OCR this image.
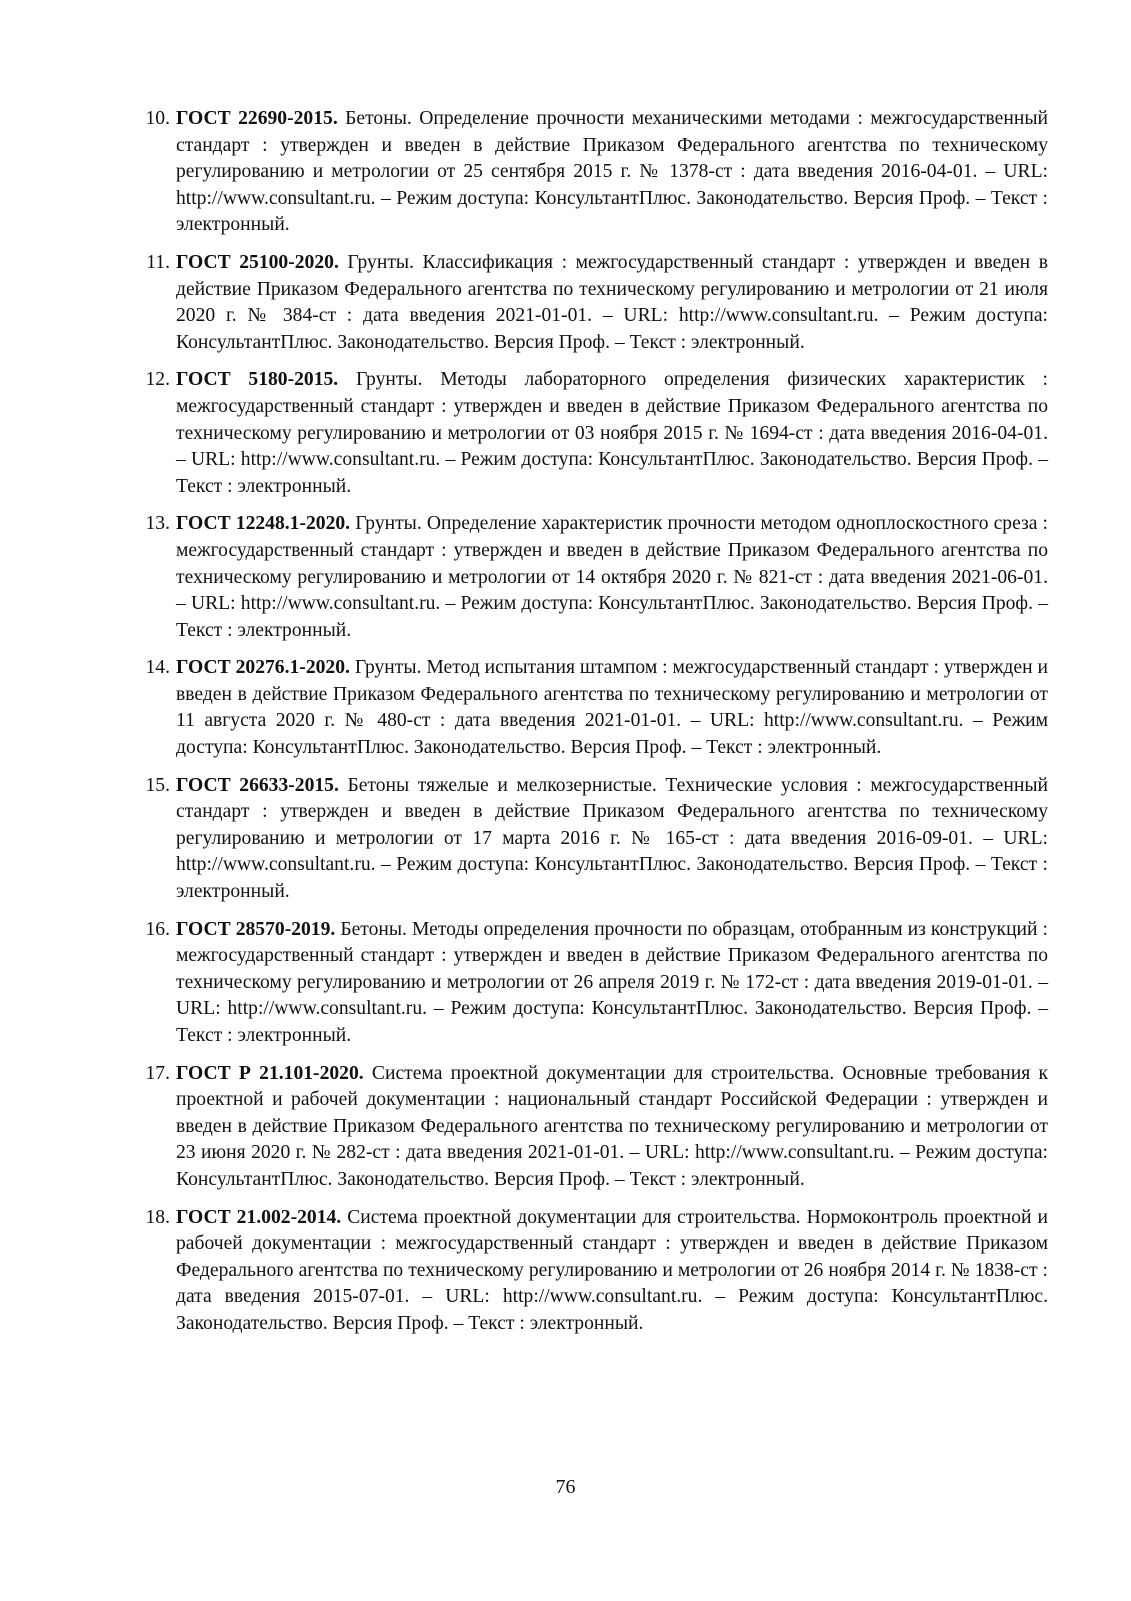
10. ГОСТ 22690-2015. Бетоны. Определение прочности механическими методами : межгосударственный стандарт : утвержден и введен в действие Приказом Федерального агентства по техническому регулированию и метрологии от 25 сентября 2015 г. № 1378-ст : дата введения 2016-04-01. – URL: http://www.consultant.ru. – Режим доступа: КонсультантПлюс. Законодательство. Версия Проф. – Текст : электронный.
11. ГОСТ 25100-2020. Грунты. Классификация : межгосударственный стандарт : утвержден и введен в действие Приказом Федерального агентства по техническому регулированию и метрологии от 21 июля 2020 г. № 384-ст : дата введения 2021-01-01. – URL: http://www.consultant.ru. – Режим доступа: КонсультантПлюс. Законодательство. Версия Проф. – Текст : электронный.
12. ГОСТ 5180-2015. Грунты. Методы лабораторного определения физических характеристик : межгосударственный стандарт : утвержден и введен в действие Приказом Федерального агентства по техническому регулированию и метрологии от 03 ноября 2015 г. № 1694-ст : дата введения 2016-04-01. – URL: http://www.consultant.ru. – Режим доступа: КонсультантПлюс. Законодательство. Версия Проф. – Текст : электронный.
13. ГОСТ 12248.1-2020. Грунты. Определение характеристик прочности методом одноплоскостного среза : межгосударственный стандарт : утвержден и введен в действие Приказом Федерального агентства по техническому регулированию и метрологии от 14 октября 2020 г. № 821-ст : дата введения 2021-06-01. – URL: http://www.consultant.ru. – Режим доступа: КонсультантПлюс. Законодательство. Версия Проф. – Текст : электронный.
14. ГОСТ 20276.1-2020. Грунты. Метод испытания штампом : межгосударственный стандарт : утвержден и введен в действие Приказом Федерального агентства по техническому регулированию и метрологии от 11 августа 2020 г. № 480-ст : дата введения 2021-01-01. – URL: http://www.consultant.ru. – Режим доступа: КонсультантПлюс. Законодательство. Версия Проф. – Текст : электронный.
15. ГОСТ 26633-2015. Бетоны тяжелые и мелкозернистые. Технические условия : межгосударственный стандарт : утвержден и введен в действие Приказом Федерального агентства по техническому регулированию и метрологии от 17 марта 2016 г. № 165-ст : дата введения 2016-09-01. – URL: http://www.consultant.ru. – Режим доступа: КонсультантПлюс. Законодательство. Версия Проф. – Текст : электронный.
16. ГОСТ 28570-2019. Бетоны. Методы определения прочности по образцам, отобранным из конструкций : межгосударственный стандарт : утвержден и введен в действие Приказом Федерального агентства по техническому регулированию и метрологии от 26 апреля 2019 г. № 172-ст : дата введения 2019-01-01. – URL: http://www.consultant.ru. – Режим доступа: КонсультантПлюс. Законодательство. Версия Проф. – Текст : электронный.
17. ГОСТ Р 21.101-2020. Система проектной документации для строительства. Основные требования к проектной и рабочей документации : национальный стандарт Российской Федерации : утвержден и введен в действие Приказом Федерального агентства по техническому регулированию и метрологии от 23 июня 2020 г. № 282-ст : дата введения 2021-01-01. – URL: http://www.consultant.ru. – Режим доступа: КонсультантПлюс. Законодательство. Версия Проф. – Текст : электронный.
18. ГОСТ 21.002-2014. Система проектной документации для строительства. Нормоконтроль проектной и рабочей документации : межгосударственный стандарт : утвержден и введен в действие Приказом Федерального агентства по техническому регулированию и метрологии от 26 ноября 2014 г. № 1838-ст : дата введения 2015-07-01. – URL: http://www.consultant.ru. – Режим доступа: КонсультантПлюс. Законодательство. Версия Проф. – Текст : электронный.
76
